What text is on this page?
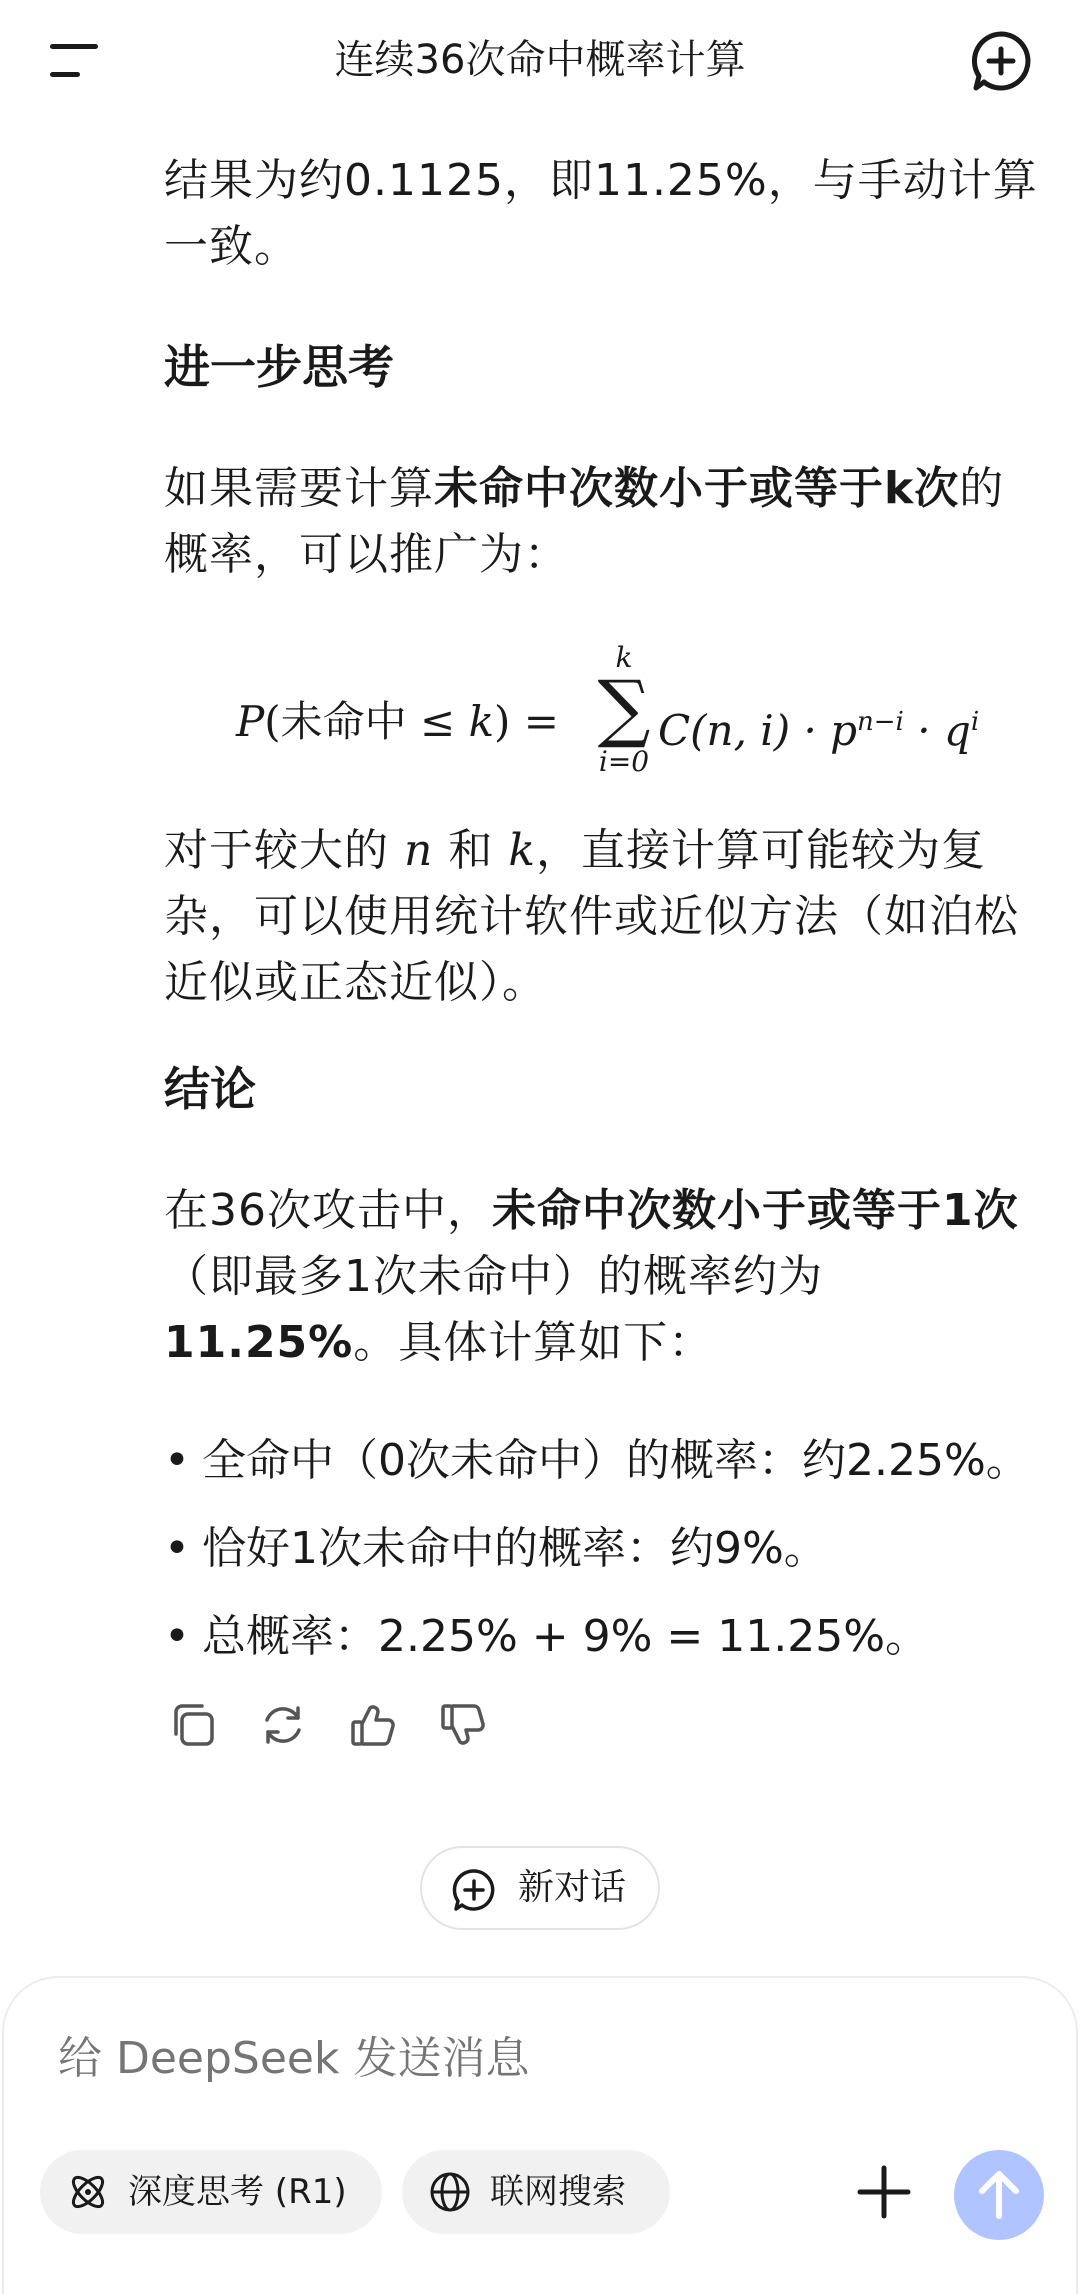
连续36次命中概率计算

结果为约0.1125，即11.25%，与手动计算一致。

进一步思考

如果需要计算未命中次数小于或等于k次的概率，可以推广为：

P(未命中 ≤ k) =
k
∑
i=0
C(n, $i) \cdot p^{n-i} \cdot q^i$

对于较大的 n 和 k，直接计算可能较为复杂，可以使用统计软件或近似方法（如泊松近似或正态近似）。

结论

在36次攻击中，未命中次数小于或等于1次（即最多1次未命中）的概率约为 11.25%。具体计算如下：

• 全命中（0次未命中）的概率：约2.25%。
• 恰好1次未命中的概率：约9%。
• 总概率：2.25% + 9% = 11.25%。
新对话
给 DeepSeek 发送消息
深度思考 (R1)	联网搜索
